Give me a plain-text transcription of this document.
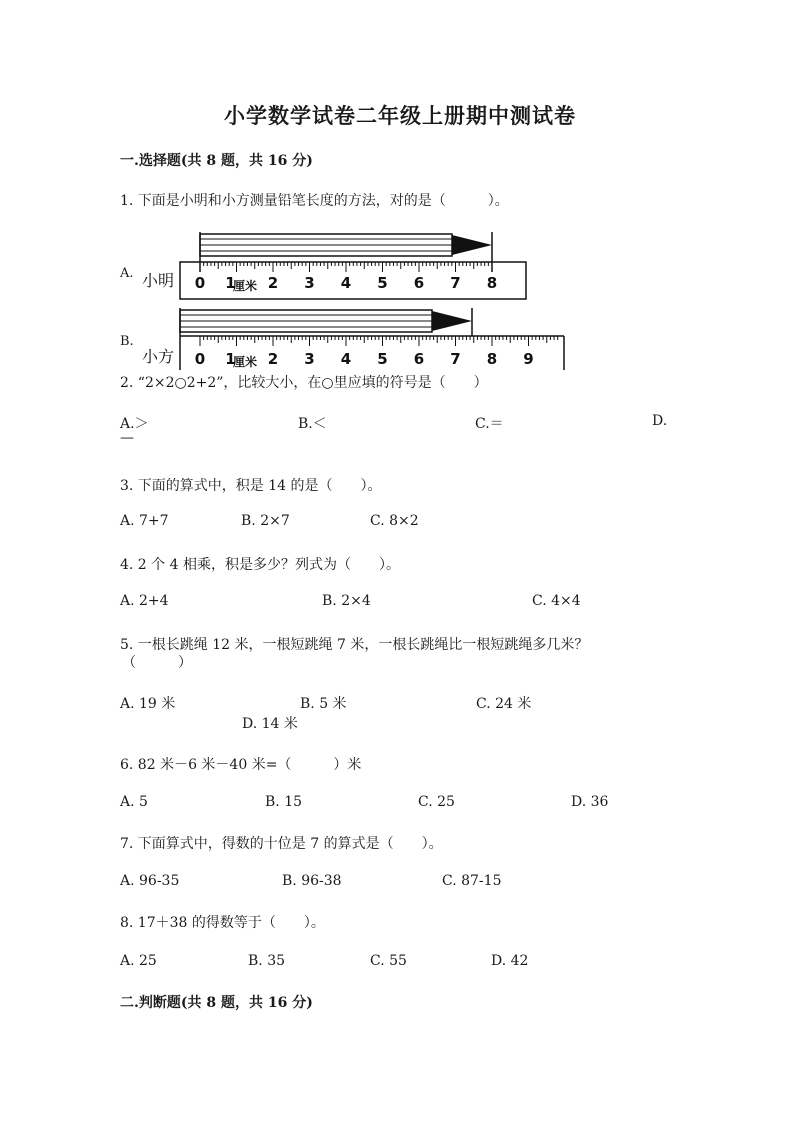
小学数学试卷二年级上册期中测试卷
一.选择题(共 8 题，共 16 分)
1. 下面是小明和小方测量铅笔长度的方法，对的是（　　　）。
A.
B.
小明 0 1 2 3 4 5 6 7 8
厘米
小方 0 1 2 3 4 5 6 7 8 9
厘米
2. “2×2○2+2”，比较大小，在○里应填的符号是（　　）
A.＞	B.＜	C.＝	D.
—
3. 下面的算式中，积是 14 的是（　　）。
A. 7+7	B. 2×7	C. 8×2
4. 2 个 4 相乘，积是多少？列式为（　　）。
A. 2+4	B. 2×4	C. 4×4
5. 一根长跳绳 12 米，一根短跳绳 7 米，一根长跳绳比一根短跳绳多几米？
（　　　）
A. 19 米	B. 5 米	C. 24 米
D. 14 米
6. 82 米－6 米－40 米=（　　　）米
A. 5	B. 15	C. 25	D. 36
7. 下面算式中，得数的十位是 7 的算式是（　　）。
A. 96-35	B. 96-38	C. 87-15
8. 17＋38 的得数等于（　　）。
A. 25	B. 35	C. 55	D. 42
二.判断题(共 8 题，共 16 分)
